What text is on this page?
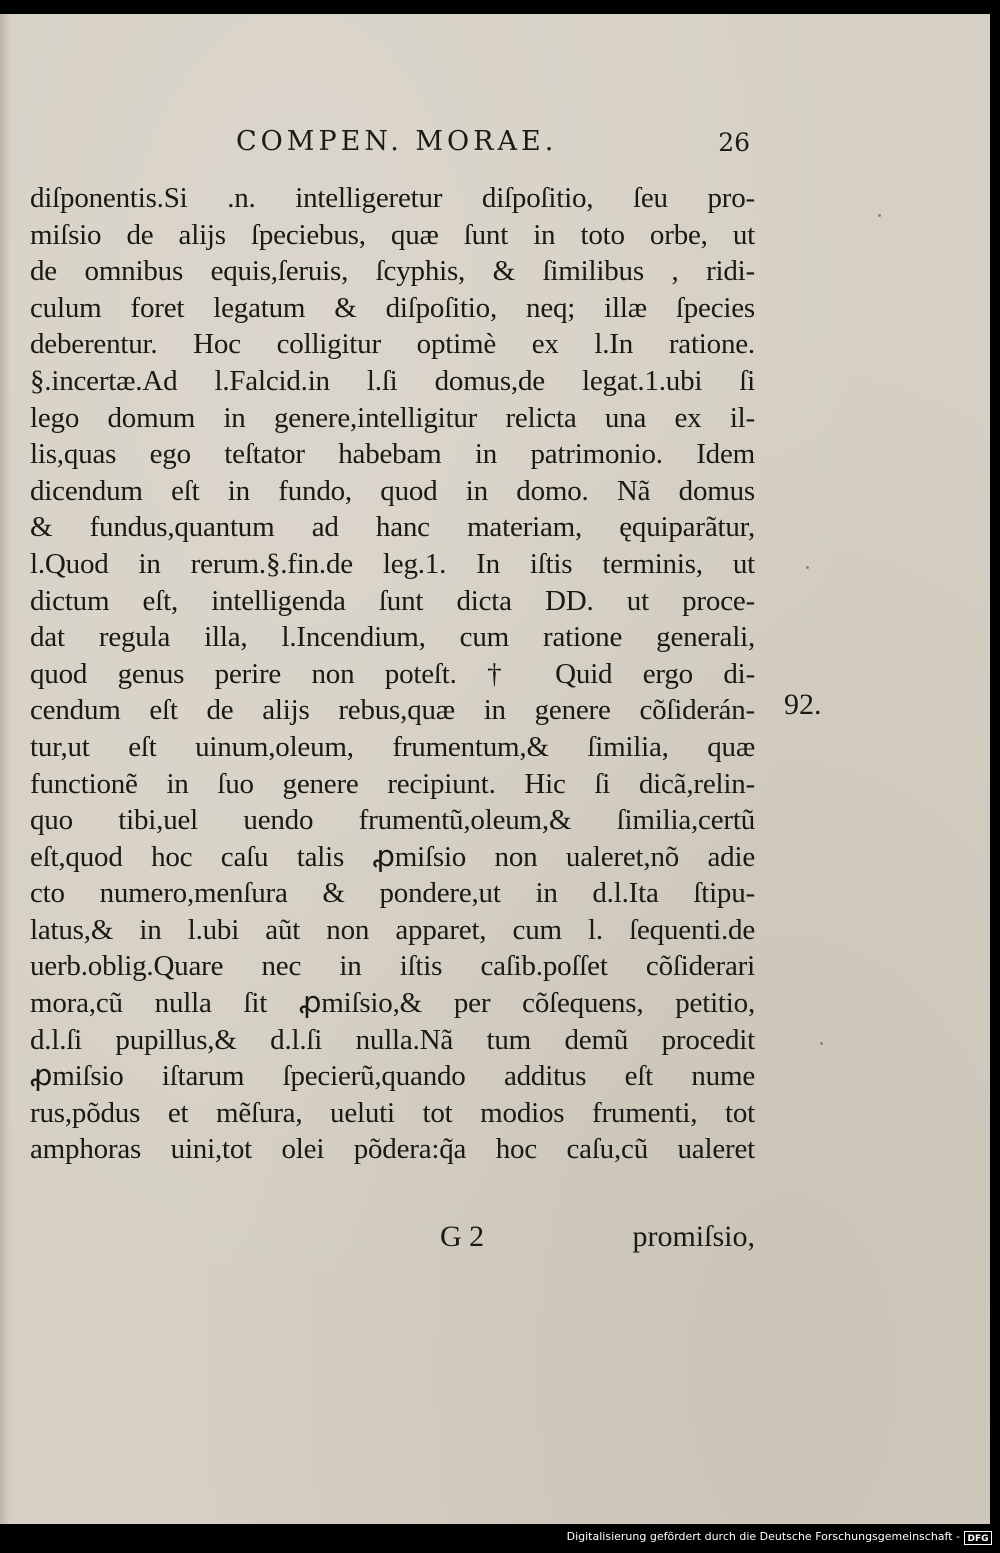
COMPEN. MORAE.	26
diſponentis.Si .n. intelligeretur diſpoſitio, ſeu pro-
miſsio de alijs ſpeciebus, quæ ſunt in toto orbe, ut
de omnibus equis,ſeruis, ſcyphis, & ſimilibus , ridi-
culum foret legatum & diſpoſitio, neq; illæ ſpecies
deberentur. Hoc colligitur optimè ex l.In ratione.
§.incertæ.Ad l.Falcid.in l.ſi domus,de legat.1.ubi ſi
lego domum in genere,intelligitur relicta una ex il-
lis,quas ego teſtator habebam in patrimonio. Idem
dicendum eſt in fundo, quod in domo. Nã domus
& fundus,quantum ad hanc materiam, ęquiparãtur,
l.Quod in rerum.§.fin.de leg.1. In iſtis terminis, ut
dictum eſt, intelligenda ſunt dicta DD. ut proce-
dat regula illa, l.Incendium, cum ratione generali,
quod genus perire non poteſt. † Quid ergo di-
cendum eſt de alijs rebus,quæ in genere cõſiderán-
tur,ut eſt uinum,oleum, frumentum,& ſimilia, quæ
functionẽ in ſuo genere recipiunt. Hic ſi dicã,relin-
quo tibi,uel uendo frumentũ,oleum,& ſimilia,certũ
eſt,quod hoc caſu talis ꝓmiſsio non ualeret,nõ adie
cto numero,menſura & pondere,ut in d.l.Ita ſtipu-
latus,& in l.ubi aũt non apparet, cum l. ſequenti.de
uerb.oblig.Quare nec in iſtis caſib.poſſet cõſiderari
mora,cũ nulla ſit ꝓmiſsio,& per cõſequens, petitio,
d.l.ſi pupillus,& d.l.ſi nulla.Nã tum demũ procedit
ꝓmiſsio iſtarum ſpecierũ,quando additus eſt nume
rus,põdus et mẽſura, ueluti tot modios frumenti, tot
amphoras uini,tot olei põdera:q̃a hoc caſu,cũ ualeret
92.
G 2	promiſsio,
Digitalisierung gefördert durch die Deutsche Forschungsgemeinschaft - DFG
